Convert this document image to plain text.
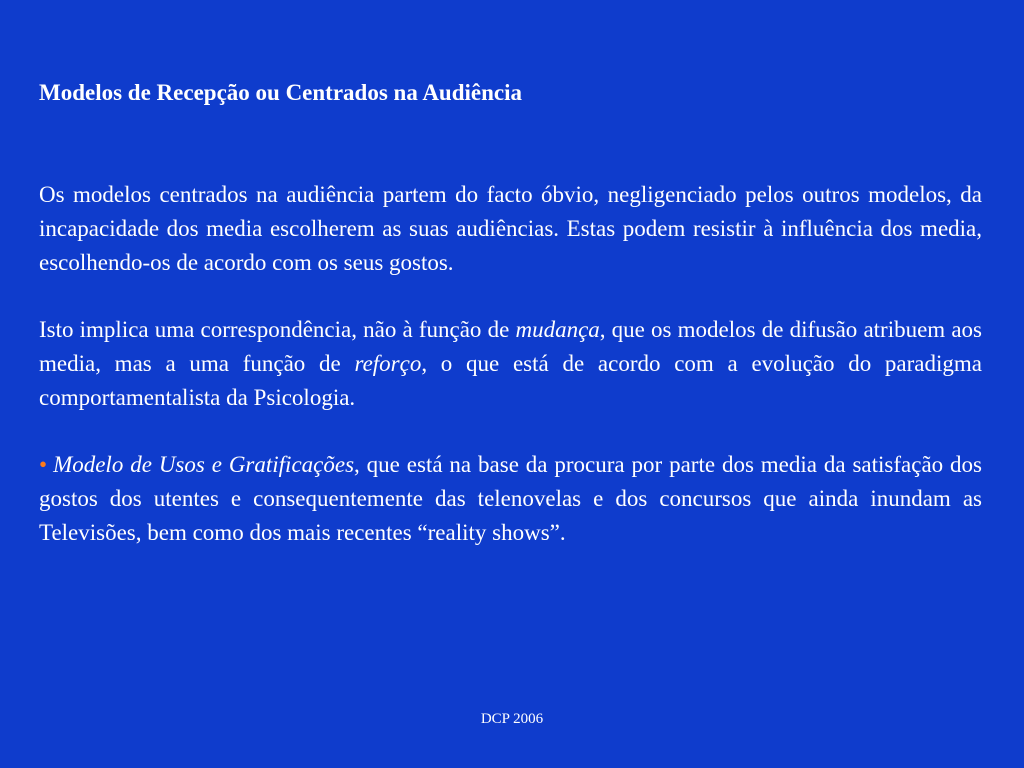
Modelos de Recepção ou Centrados na Audiência

Os modelos centrados na audiência partem do facto óbvio, negligenciado pelos outros modelos, da incapacidade dos media escolherem as suas audiências. Estas podem resistir à influência dos media, escolhendo-os de acordo com os seus gostos.

Isto implica uma correspondência, não à função de mudança, que os modelos de difusão atribuem aos media, mas a uma função de reforço, o que está de acordo com a evolução do paradigma comportamentalista da Psicologia.

• Modelo de Usos e Gratificações, que está na base da procura por parte dos media da satisfação dos gostos dos utentes e consequentemente das telenovelas e dos concursos que ainda inundam as Televisões, bem como dos mais recentes “reality shows”.

DCP 2006
